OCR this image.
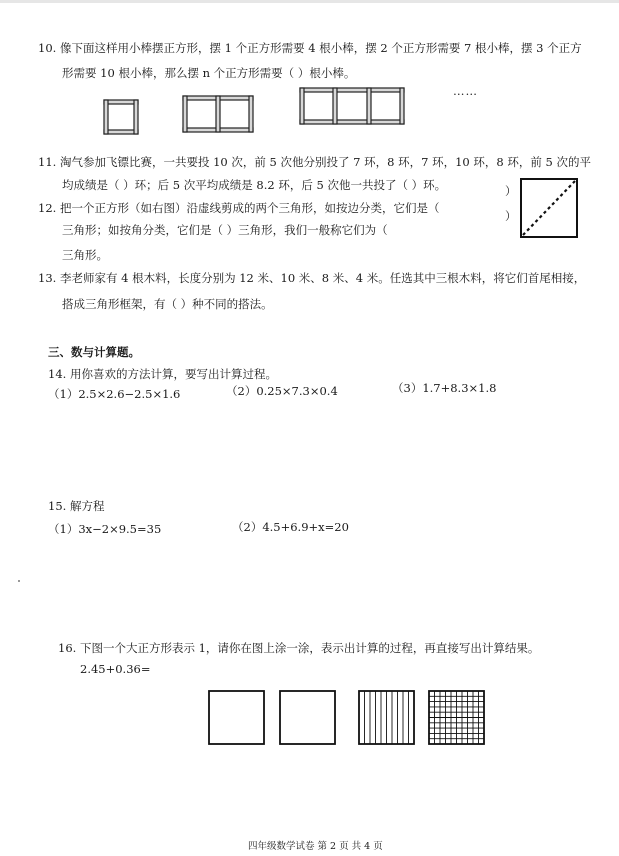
10. 像下面这样用小棒摆正方形，摆 1 个正方形需要 4 根小棒，摆 2 个正方形需要 7 根小棒，摆 3 个正方
形需要 10 根小棒，那么摆 n 个正方形需要（ ）根小棒。
……
11. 淘气参加飞镖比赛，一共要投 10 次，前 5 次他分别投了 7 环，8 环，7 环，10 环，8 环，前 5 次的平
均成绩是（ ）环；后 5 次平均成绩是 8.2 环，后 5 次他一共投了（ ）环。
12. 把一个正方形（如右图）沿虚线剪成的两个三角形，如按边分类，它们是（
）
三角形；如按角分类，它们是（ ）三角形，我们一般称它们为（
）
三角形。
13. 李老师家有 4 根木料，长度分别为 12 米、10 米、8 米、4 米。任选其中三根木料，将它们首尾相接，
搭成三角形框架，有（ ）种不同的搭法。
三、数与计算题。
14. 用你喜欢的方法计算，要写出计算过程。
（1）2.5×2.6−2.5×1.6	（2）0.25×7.3×0.4	（3）1.7+8.3×1.8
15. 解方程
（1）3x−2×9.5=35	（2）4.5+6.9+x=20
16. 下图一个大正方形表示 1，请你在图上涂一涂，表示出计算的过程，再直接写出计算结果。
2.45+0.36=
四年级数学试卷 第 2 页 共 4 页
